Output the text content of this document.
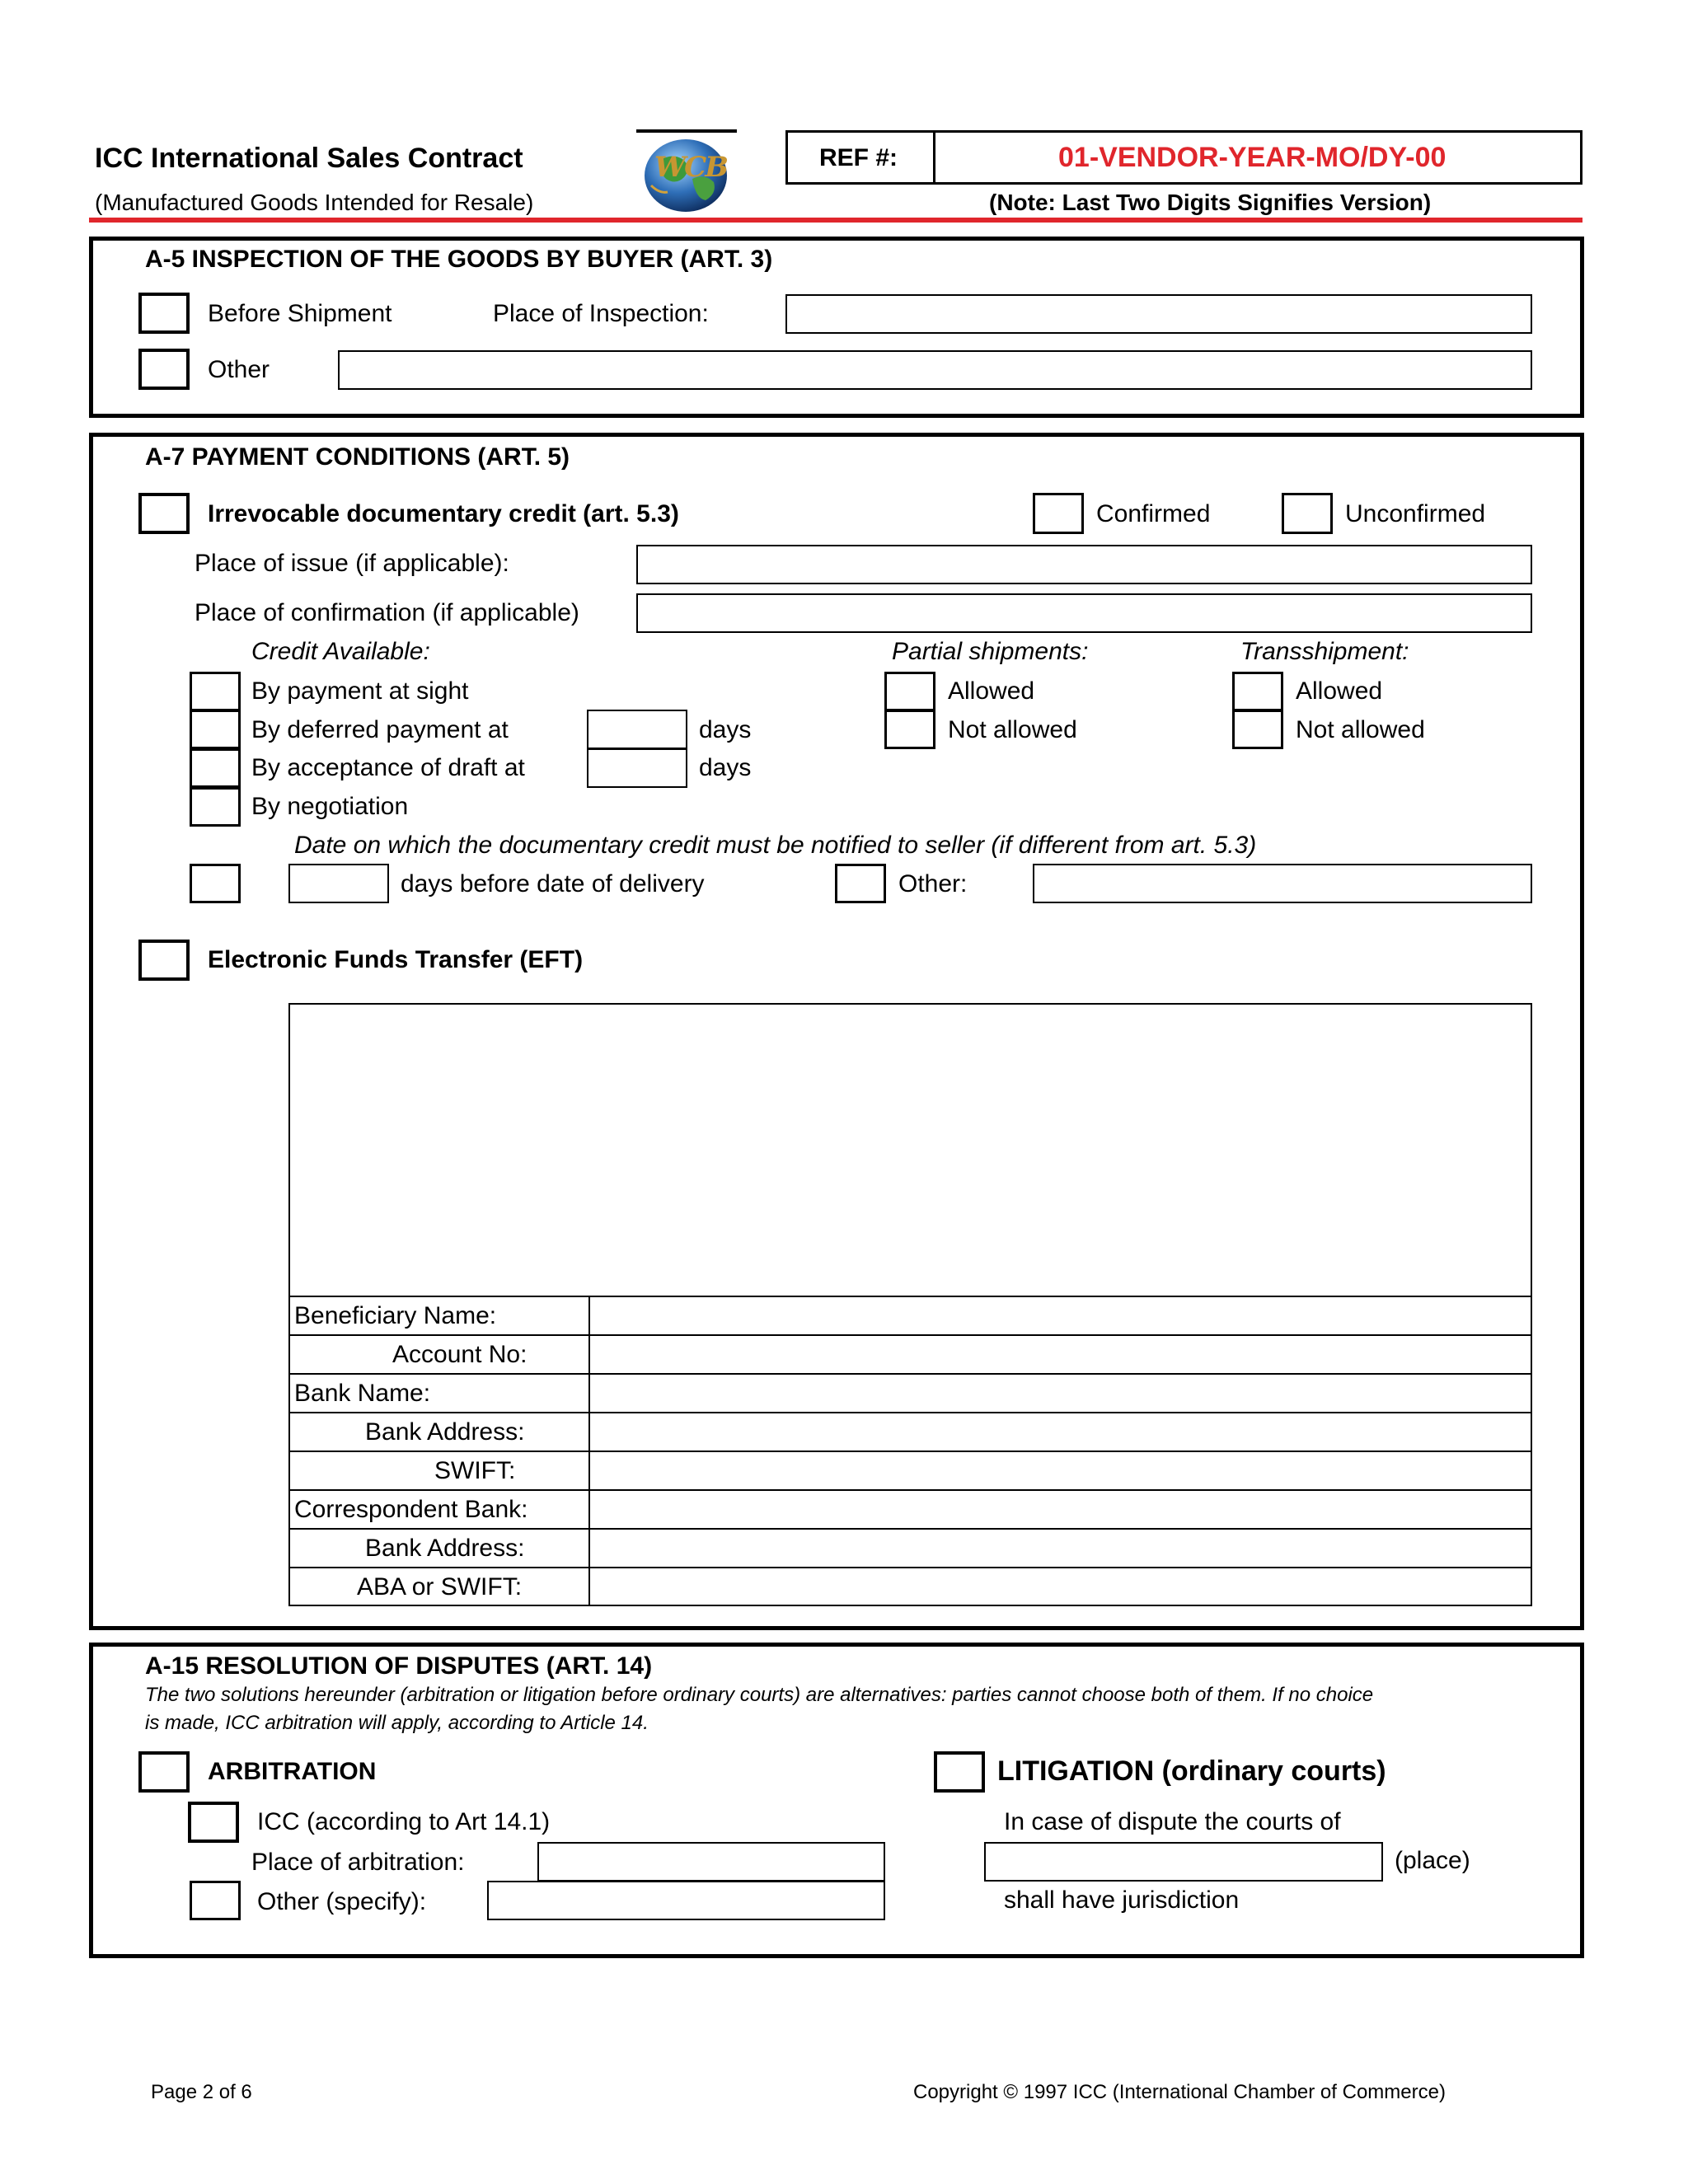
ICC International Sales Contract
(Manufactured Goods Intended for Resale)
WCB	REF #:	01-VENDOR-YEAR-MO/DY-00
(Note: Last Two Digits Signifies Version)
A-5 INSPECTION OF THE GOODS BY BUYER (ART. 3)
Before Shipment	Place of Inspection:
Other
A-7 PAYMENT CONDITIONS (ART. 5)
Irrevocable documentary credit (art. 5.3)	Confirmed	Unconfirmed
Place of issue (if applicable):
Place of confirmation (if applicable)
Credit Available:	Partial shipments:	Transshipment:
By payment at sight
By deferred payment at	days
By acceptance of draft at	days
By negotiation
Allowed
Not allowed
Allowed
Not allowed
Date on which the documentary credit must be notified to seller (if different from art. 5.3)
days before date of delivery	Other:
Electronic Funds Transfer (EFT)
Beneficiary Name:
Account No:
Bank Name:
Bank Address:
SWIFT:
Correspondent Bank:
Bank Address:
ABA or SWIFT:
A-15 RESOLUTION OF DISPUTES (ART. 14)
The two solutions hereunder (arbitration or litigation before ordinary courts) are alternatives: parties cannot choose both of them. If no choice
is made, ICC arbitration will apply, according to Article 14.
ARBITRATION
ICC (according to Art 14.1)
Place of arbitration:
Other (specify):
LITIGATION (ordinary courts)
In case of dispute the courts of
(place)
shall have jurisdiction
Page 2 of 6	Copyright © 1997 ICC (International Chamber of Commerce)
